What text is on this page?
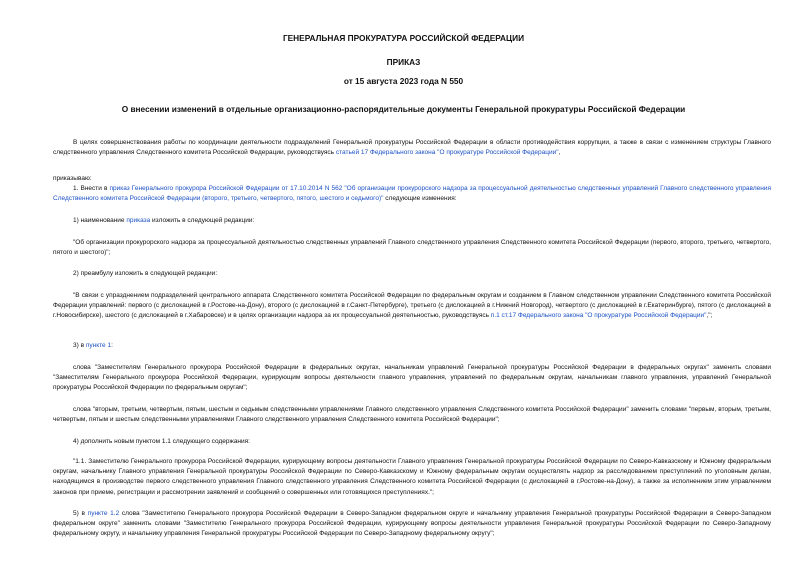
ГЕНЕРАЛЬНАЯ ПРОКУРАТУРА РОССИЙСКОЙ ФЕДЕРАЦИИ
ПРИКАЗ
от 15 августа 2023 года N 550
О внесении изменений в отдельные организационно-распорядительные документы Генеральной прокуратуры Российской Федерации

В целях совершенствования работы по координации деятельности подразделений Генеральной прокуратуры Российской Федерации в области противодействия коррупции, а также в связи с изменением структуры Главного следственного управления Следственного комитета Российской Федерации, руководствуясь статьей 17 Федерального закона "О прокуратуре Российской Федерации",

приказываю:

1. Внести в приказ Генерального прокурора Российской Федерации от 17.10.2014 N 562 "Об организации прокурорского надзора за процессуальной деятельностью следственных управлений Главного следственного управления Следственного комитета Российской Федерации (второго, третьего, четвертого, пятого, шестого и седьмого)" следующие изменения:

1) наименование приказа изложить в следующей редакции:

"Об организации прокурорского надзора за процессуальной деятельностью следственных управлений Главного следственного управления Следственного комитета Российской Федерации (первого, второго, третьего, четвертого, пятого и шестого)";

2) преамбулу изложить в следующей редакции:

"В связи с упразднением подразделений центрального аппарата Следственного комитета Российской Федерации по федеральным округам и созданием в Главном следственном управлении Следственного комитета Российской Федерации управлений: первого (с дислокацией в г.Ростове-на-Дону), второго (с дислокацией в г.Санкт-Петербурге), третьего (с дислокацией в г.Нижний Новгород), четвертого (с дислокацией в г.Екатеринбурге), пятого (с дислокацией в г.Новосибирске), шестого (с дислокацией в г.Хабаровске) и в целях организации надзора за их процессуальной деятельностью, руководствуясь п.1 ст.17 Федерального закона "О прокуратуре Российской Федерации",";

3) в пункте 1:

слова "Заместителям Генерального прокурора Российской Федерации в федеральных округах, начальникам управлений Генеральной прокуратуры Российской Федерации в федеральных округах" заменить словами "Заместителям Генерального прокурора Российской Федерации, курирующим вопросы деятельности главного управления, управлений по федеральным округам, начальникам главного управления, управлений Генеральной прокуратуры Российской Федерации по федеральным округам";

слова "вторым, третьим, четвертым, пятым, шестым и седьмым следственными управлениями Главного следственного управления Следственного комитета Российской Федерации" заменить словами "первым, вторым, третьим, четвертым, пятым и шестым следственными управлениями Главного следственного управления Следственного комитета Российской Федерации";

4) дополнить новым пунктом 1.1 следующего содержания:

"1.1. Заместителю Генерального прокурора Российской Федерации, курирующему вопросы деятельности Главного управления Генеральной прокуратуры Российской Федерации по Северо-Кавказскому и Южному федеральным округам, начальнику Главного управления Генеральной прокуратуры Российской Федерации по Северо-Кавказскому и Южному федеральным округам осуществлять надзор за расследованием преступлений по уголовным делам, находящимся в производстве первого следственного управления Главного следственного управления Следственного комитета Российской Федерации (с дислокацией в г.Ростове-на-Дону), а также за исполнением этим управлением законов при приеме, регистрации и рассмотрении заявлений и сообщений о совершенных или готовящихся преступлениях.";

5) в пункте 1.2 слова "Заместителю Генерального прокурора Российской Федерации в Северо-Западном федеральном округе и начальнику управления Генеральной прокуратуры Российской Федерации в Северо-Западном федеральном округе" заменить словами "Заместителю Генерального прокурора Российской Федерации, курирующему вопросы деятельности управления Генеральной прокуратуры Российской Федерации по Северо-Западному федеральному округу, и начальнику управления Генеральной прокуратуры Российской Федерации по Северо-Западному федеральному округу";
